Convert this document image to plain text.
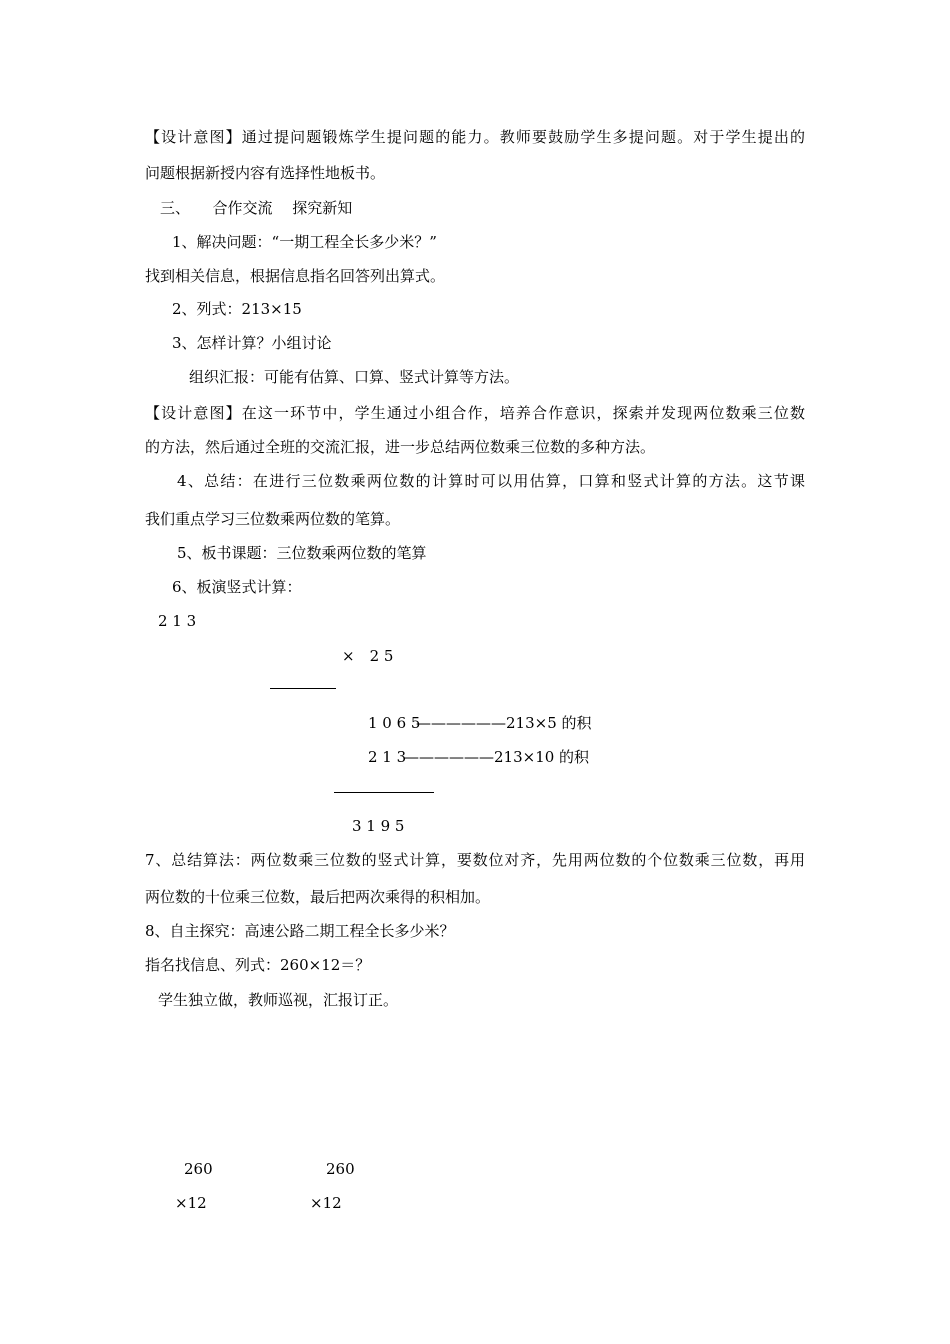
【设计意图】通过提问题锻炼学生提问题的能力。教师要鼓励学生多提问题。对于学生提出的
问题根据新授内容有选择性地板书。
三、　　合作交流　 探究新知
1、解决问题：“一期工程全长多少米？”
找到相关信息，根据信息指名回答列出算式。
2、列式：213×15
3、怎样计算？小组讨论
组织汇报：可能有估算、口算、竖式计算等方法。
【设计意图】在这一环节中，学生通过小组合作，培养合作意识，探索并发现两位数乘三位数
的方法，然后通过全班的交流汇报，进一步总结两位数乘三位数的多种方法。
4、总结：在进行三位数乘两位数的计算时可以用估算，口算和竖式计算的方法。这节课
我们重点学习三位数乘两位数的笔算。
5、板书课题：三位数乘两位数的笔算
6、板演竖式计算：
2 1 3
×　2 5
1 0 6 5
——————213×5 的积
2 1 3
——————213×10 的积
3 1 9 5
7、总结算法：两位数乘三位数的竖式计算，要数位对齐，先用两位数的个位数乘三位数，再用
两位数的十位乘三位数，最后把两次乘得的积相加。
8、自主探究：高速公路二期工程全长多少米？
指名找信息、列式：260×12＝？
学生独立做，教师巡视，汇报订正。
260
×12
260
×12
